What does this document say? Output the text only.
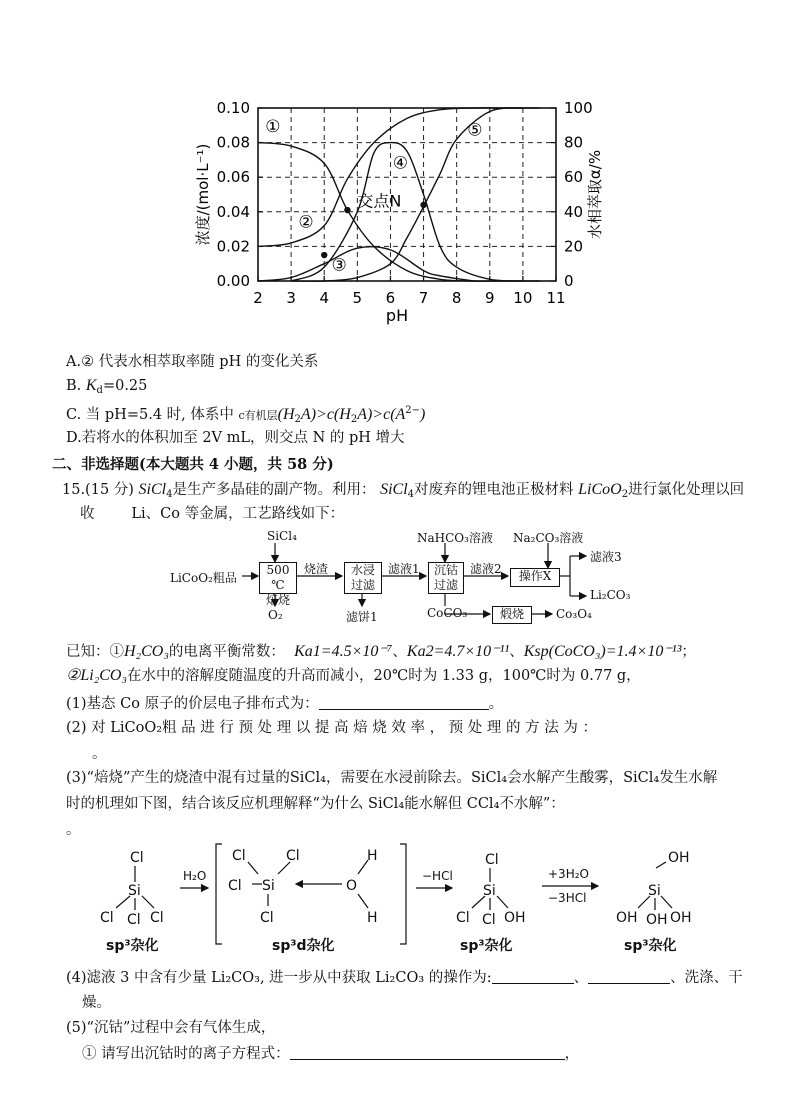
2 3 4 5 6 7 8 9 10 11
pH
0.00
0.02
0.04
0.06
0.08
0.10
0
20
40
60
80
100
浓度/(mol·L⁻¹)	水相萃取α/%
①
②
③
④
⑤
交点N
A.② 代表水相萃取率随 pH 的变化关系
B. $K_d=0.25$
C. 当 pH=5.4 时, 体系中 c有机层$(H_2A)>c(H_2A)>c(A^{2-})$
D.若将水的体积加至 2V mL，则交点 N 的 pH 增大
二、非选择题(本大题共 4 小题，共 58 分)
15.(15 分) SiCl$_4$是生产多晶硅的副产物。利用： SiCl$_4$对废弃的锂电池正极材料 LiCoO$_2$进行氯化处理以回
收        Li、Co 等金属，工艺路线如下：
SiCl₄	NaHCO₃溶液 Na₂CO₃溶液
LiCoO₂粗品
500 ℃
焙烧
烧渣	水浸
过滤
滤液1	沉钴
过滤
滤液2	操作X
滤液3
Li₂CO₃
O₂	滤饼1	CoCO₃	煅烧	Co₃O₄
已知：①H₂CO₃的电离平衡常数： Ka1=4.5×10⁻⁷、Ka2=4.7×10⁻¹¹、Ksp(CoCO₃)=1.4×10⁻¹³；
②Li₂CO₃在水中的溶解度随温度的升高而减小，20℃时为 1.33 g，100℃时为 0.77 g，
(1)基态 Co 原子的价层电子排布式为：	。
(2) 对 LiCoO₂粗 品 进 行 预 处 理 以 提 高 焙 烧 效 率 ， 预 处 理 的 方 法 为 ：
。
(3)“焙烧”产生的烧渣中混有过量的SiCl₄，需要在水浸前除去。SiCl₄会水解产生酸雾，SiCl₄发生水解
时的机理如下图，结合该反应机理解释“为什么 SiCl₄能水解但 CCl₄不水解”：
。
Cl
Si
Cl Cl Cl
H₂O
Cl	Cl
Cl Si
Cl
H
O
H
−HCl
Cl
Si
Cl Cl OH
+3H₂O
−3HCl
OH
Si
OH OH OH
sp³杂化	sp³d杂化	sp³杂化	sp³杂化
(4)滤液 3 中含有少量 Li₂CO₃, 进一步从中获取 Li₂CO₃ 的操作为:	、	、洗涤、干
燥。
(5)“沉钴”过程中会有气体生成，
① 请写出沉钴时的离子方程式：	，
